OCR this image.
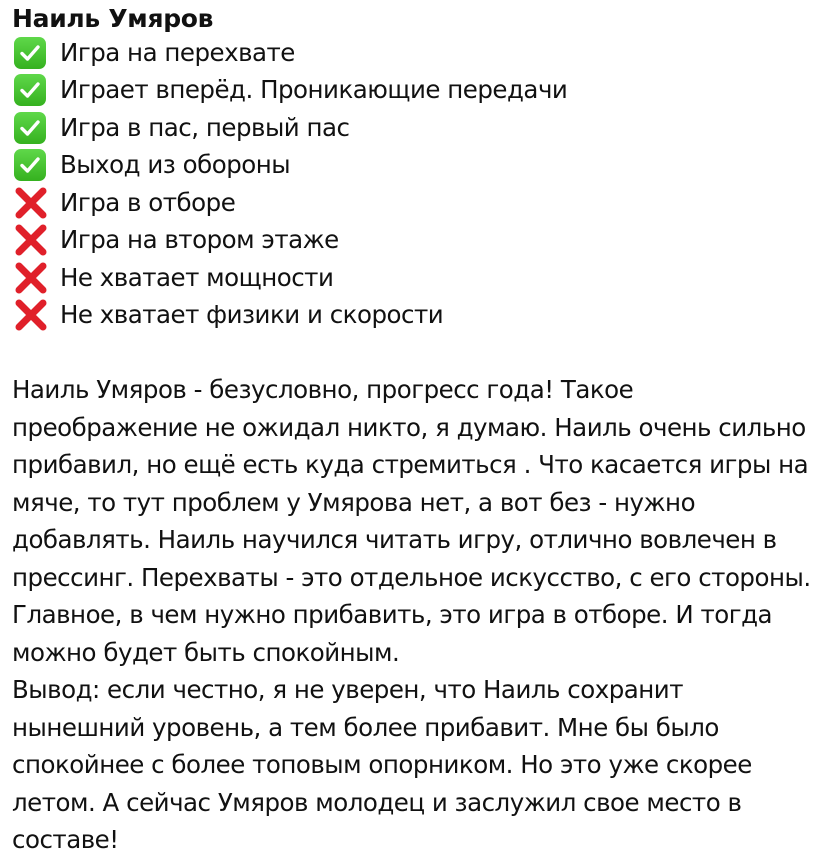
Наиль Умяров
Игра на перехвате
Играет вперёд. Проникающие передачи
Игра в пас, первый пас
Выход из обороны
Игра в отборе
Игра на втором этаже
Не хватает мощности
Не хватает физики и скорости
Наиль Умяров - безусловно, прогресс года! Такое
преображение не ожидал никто, я думаю. Наиль очень сильно
прибавил, но ещё есть куда стремиться . Что касается игры на
мяче, то тут проблем у Умярова нет, а вот без - нужно
добавлять. Наиль научился читать игру, отлично вовлечен в
прессинг. Перехваты - это отдельное искусство, с его стороны.
Главное, в чем нужно прибавить, это игра в отборе. И тогда
можно будет быть спокойным.
Вывод: если честно, я не уверен, что Наиль сохранит
нынешний уровень, а тем более прибавит. Мне бы было
спокойнее с более топовым опорником. Но это уже скорее
летом. А сейчас Умяров молодец и заслужил свое место в
составе!
